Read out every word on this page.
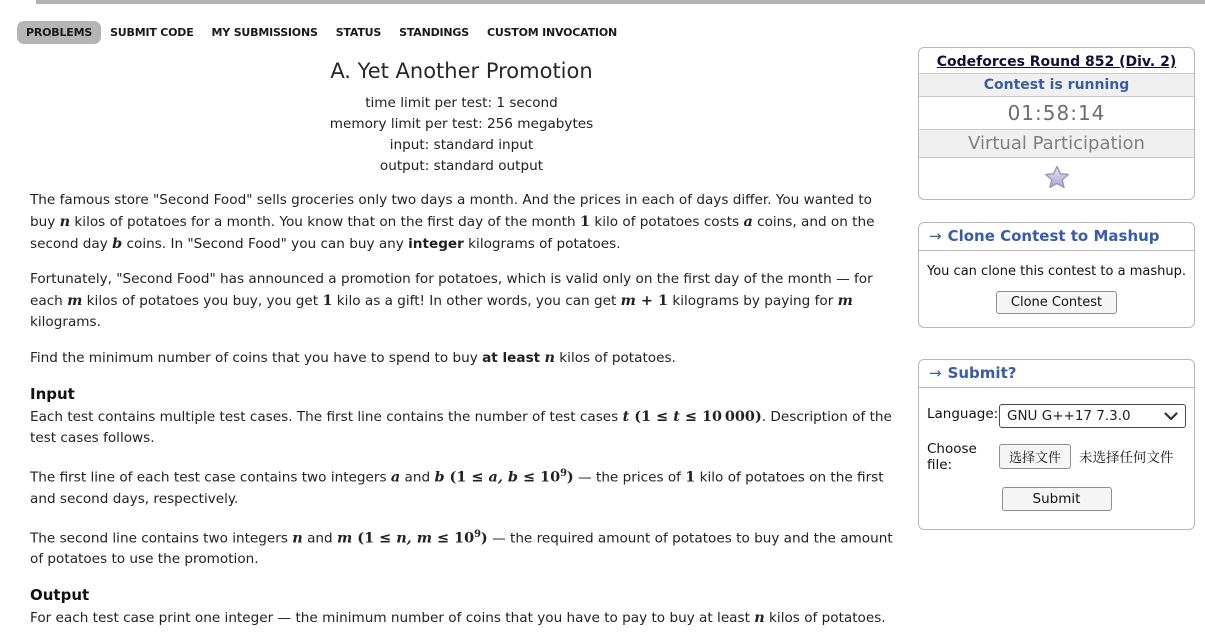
PROBLEMS	SUBMIT CODE	MY SUBMISSIONS	STATUS	STANDINGS	CUSTOM INVOCATION
A. Yet Another Promotion
time limit per test: 1 second
memory limit per test: 256 megabytes
input: standard input
output: standard output

The famous store "Second Food" sells groceries only two days a month. And the prices in each of days differ. You wanted to buy n kilos of potatoes for a month. You know that on the first day of the month 1 kilo of potatoes costs a coins, and on the second day b coins. In "Second Food" you can buy any integer kilograms of potatoes.

Fortunately, "Second Food" has announced a promotion for potatoes, which is valid only on the first day of the month — for each m kilos of potatoes you buy, you get 1 kilo as a gift! In other words, you can get m + 1 kilograms by paying for m kilograms.

Find the minimum number of coins that you have to spend to buy at least n kilos of potatoes.

Input

Each test contains multiple test cases. The first line contains the number of test cases t (1 ≤ t ≤ 10 000). Description of the test cases follows.

The first line of each test case contains two integers a and b (1 ≤ a, $b \le 10^9$) — the prices of 1 kilo of potatoes on the first and second days, respectively.

The second line contains two integers n and m (1 ≤ n, $m \le 10^9$) — the required amount of potatoes to buy and the amount of potatoes to use the promotion.

Output

For each test case print one integer — the minimum number of coins that you have to pay to buy at least n kilos of potatoes.

Codeforces Round 852 (Div. 2)
Contest is running
01:58:14
Virtual Participation
→ Clone Contest to Mashup
You can clone this contest to a mashup.
Clone Contest
→ Submit?
Language: GNU G++17 7.3.0
Choose file:	选择文件	未选择任何文件
Submit
